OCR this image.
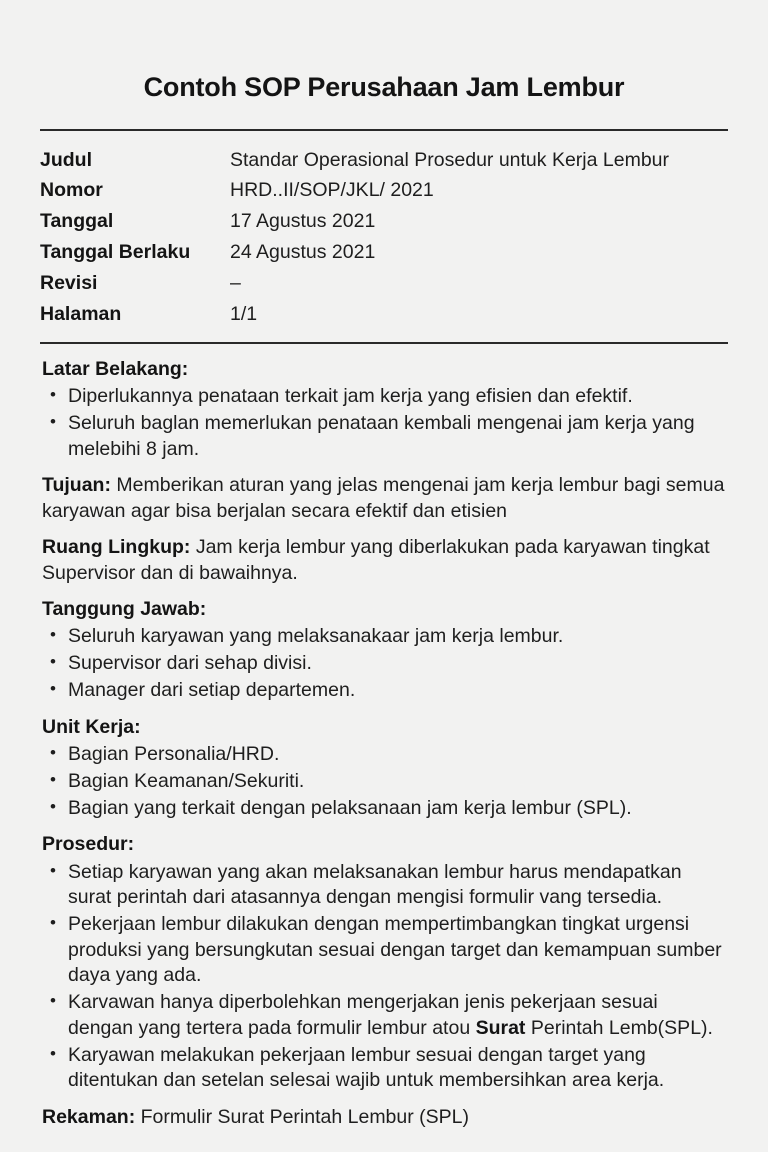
Contoh SOP Perusahaan Jam Lembur
Judul	Standar Operasional Prosedur untuk Kerja Lembur
Nomor	HRD..II/SOP/JKL/ 2021
Tanggal	17 Agustus 2021
Tanggal Berlaku	24 Agustus 2021
Revisi	–
Halaman	1/1
Latar Belakang:
• Diperlukannya penataan terkait jam kerja yang efisien dan efektif.
• Seluruh baglan memerlukan penataan kembali mengenai jam kerja yang melebihi 8 jam.

Tujuan: Memberikan aturan yang jelas mengenai jam kerja lembur bagi semua karyawan agar bisa berjalan secara efektif dan etisien

Ruang Lingkup: Jam kerja lembur yang diberlakukan pada karyawan tingkat Supervisor dan di bawaihnya.

Tanggung Jawab:
• Seluruh karyawan yang melaksanakaar jam kerja lembur.
• Supervisor dari sehap divisi.
• Manager dari setiap departemen.
Unit Kerja:
• Bagian Personalia/HRD.
• Bagian Keamanan/Sekuriti.
• Bagian yang terkait dengan pelaksanaan jam kerja lembur (SPL).
Prosedur:
• Setiap karyawan yang akan melaksanakan lembur harus mendapatkan surat perintah dari atasannya dengan mengisi formulir vang tersedia.
• Pekerjaan lembur dilakukan dengan mempertimbangkan tingkat urgensi produksi yang bersungkutan sesuai dengan target dan kemampuan sumber daya yang ada.
• Karvawan hanya diperbolehkan mengerjakan jenis pekerjaan sesuai dengan yang tertera pada formulir lembur atou Surat Perintah Lemb(SPL).
• Karyawan melakukan pekerjaan lembur sesuai dengan target yang ditentukan dan setelan selesai wajib untuk membersihkan area kerja.

Rekaman: Formulir Surat Perintah Lembur (SPL)
